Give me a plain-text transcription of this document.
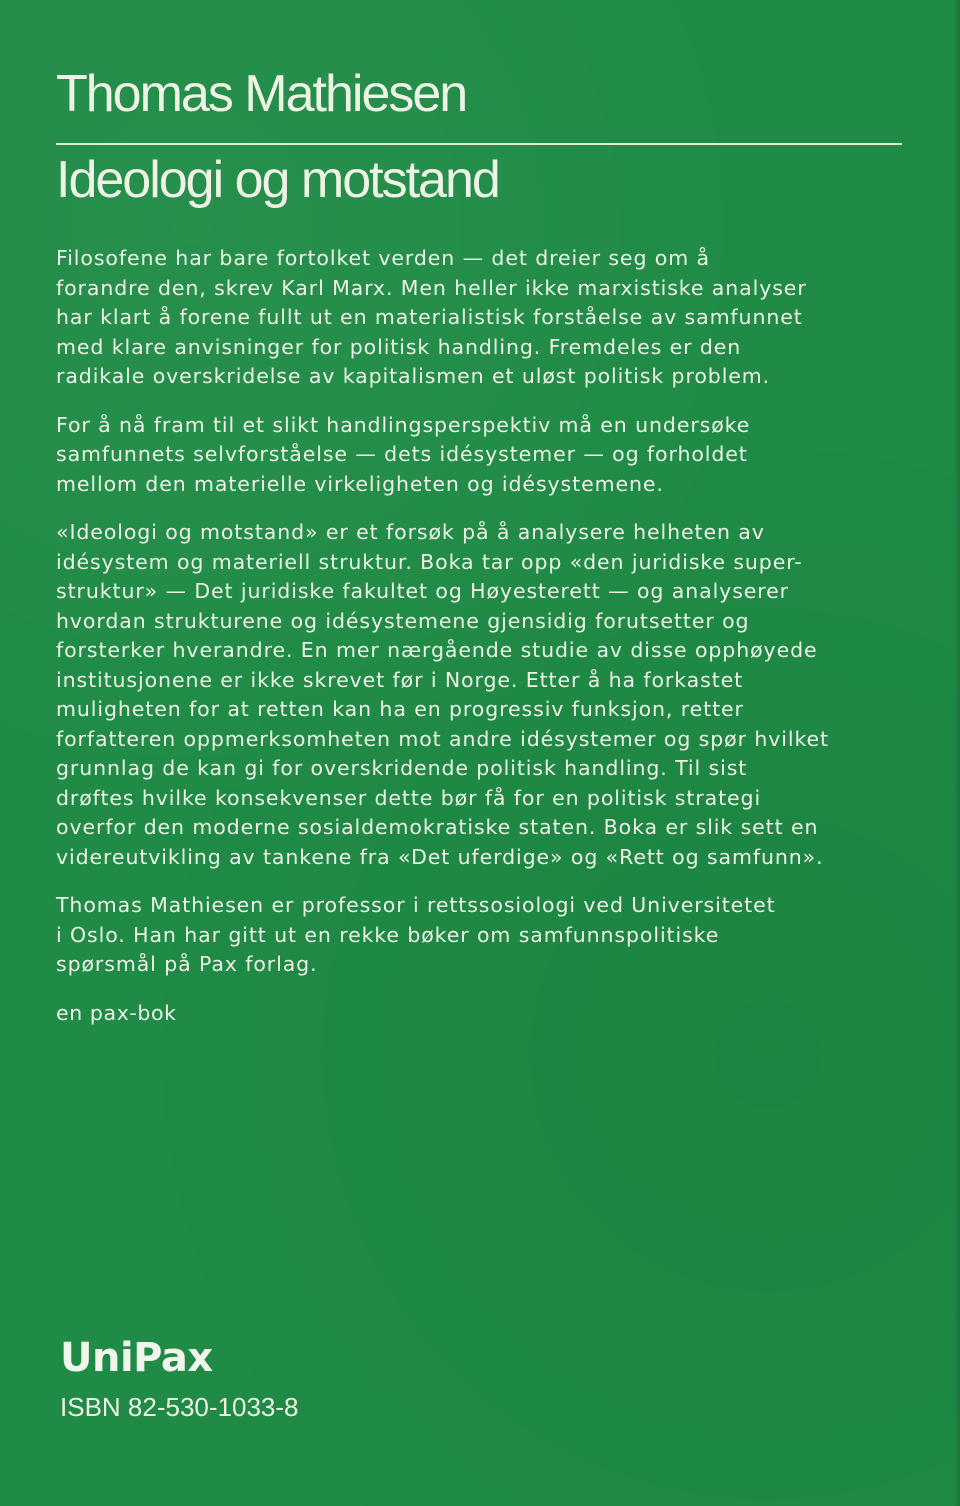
Thomas Mathiesen
Ideologi og motstand
Filosofene har bare fortolket verden — det dreier seg om å
forandre den, skrev Karl Marx. Men heller ikke marxistiske analyser
har klart å forene fullt ut en materialistisk forståelse av samfunnet
med klare anvisninger for politisk handling. Fremdeles er den
radikale overskridelse av kapitalismen et uløst politisk problem.
For å nå fram til et slikt handlingsperspektiv må en undersøke
samfunnets selvforståelse — dets idésystemer — og forholdet
mellom den materielle virkeligheten og idésystemene.
«Ideologi og motstand» er et forsøk på å analysere helheten av
idésystem og materiell struktur. Boka tar opp «den juridiske super-
struktur» — Det juridiske fakultet og Høyesterett — og analyserer
hvordan strukturene og idésystemene gjensidig forutsetter og
forsterker hverandre. En mer nærgående studie av disse opphøyede
institusjonene er ikke skrevet før i Norge. Etter å ha forkastet
muligheten for at retten kan ha en progressiv funksjon, retter
forfatteren oppmerksomheten mot andre idésystemer og spør hvilket
grunnlag de kan gi for overskridende politisk handling. Til sist
drøftes hvilke konsekvenser dette bør få for en politisk strategi
overfor den moderne sosialdemokratiske staten. Boka er slik sett en
videreutvikling av tankene fra «Det uferdige» og «Rett og samfunn».
Thomas Mathiesen er professor i rettssosiologi ved Universitetet
i Oslo. Han har gitt ut en rekke bøker om samfunnspolitiske
spørsmål på Pax forlag.
en pax-bok
UniPax
ISBN 82-530-1033-8
